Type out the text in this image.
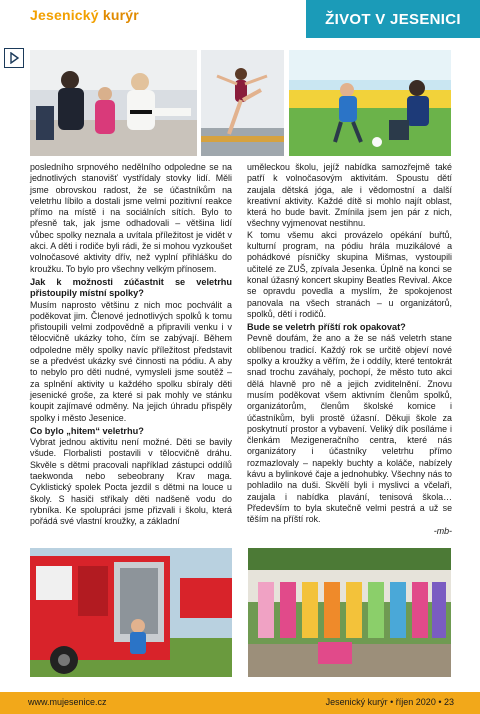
Jesenický kurýr	ŽIVOT V JESENICI

posledního srpnového nedělního odpoledne se na jednotlivých stanovišť vystřídaly stovky lidí. Měli jsme obrovskou radost, že se účastníkům na veletrhu líbilo a dostali jsme velmi pozitivní reakce přímo na místě i na sociálních sítích. Bylo to přesně tak, jak jsme odhadovali – většina lidí vůbec spolky neznala a uvítala příležitost je vidět v akci. A děti i rodiče byli rádi, že si mohou vyzkoušet volnočasové aktivity dřív, než vyplní přihlášku do kroužku. To bylo pro všechny velkým přínosem.

Jak k možnosti zúčastnit se veletrhu přistoupily místní spolky?

Musím naprosto většinu z nich moc pochválit a poděkovat jim. Členové jednotlivých spolků k tomu přistoupili velmi zodpovědně a připravili venku i v tělocvičně ukázky toho, čím se zabývají. Během odpoledne měly spolky navíc příležitost představit se a předvést ukázky své činnosti na pódiu. A aby to nebylo pro děti nudné, vymysleli jsme soutěž – za splnění aktivity u každého spolku sbíraly děti jesenické groše, za které si pak mohly ve stánku koupit zajímavé odměny. Na jejich úhradu přispěly spolky i město Jesenice.

Co bylo „hitem“ veletrhu?

Vybrat jednou aktivitu není možné. Děti se bavily všude. Florbalisti postavili v tělocvičně dráhu. Skvěle s dětmi pracovali například zástupci oddílů taekwonda nebo sebeobrany Krav maga. Cyklistický spolek Pocta jezdil s dětmi na louce u školy. S hasiči stříkaly děti nadšeně vodu do rybníka. Ke spolupráci jsme přizvali i školu, která pořádá své vlastní kroužky, a základní

uměleckou školu, jejíž nabídka samozřejmě také patří k volnočasovým aktivitám. Spoustu dětí zaujala dětská jóga, ale i vědomostní a další kreativní aktivity. Každé dítě si mohlo najít oblast, která ho bude bavit. Zmínila jsem jen pár z nich, všechny vyjmenovat nestihnu.

K tomu všemu akci provázelo opékání buřtů, kulturní program, na pódiu hrála muzikálové a pohádkové písničky skupina Mišmas, vystoupili učitelé ze ZUŠ, zpívala Jesenka. Úplně na konci se konal úžasný koncert skupiny Beatles Revival. Akce se opravdu povedla a myslím, že spokojenost panovala na všech stranách – u organizátorů, spolků, dětí i rodičů.

Bude se veletrh příští rok opakovat?

Pevně doufám, že ano a že se náš veletrh stane oblíbenou tradicí. Každý rok se určitě objeví nové spolky a kroužky a věřím, že i oddíly, které tentokrát snad trochu zaváhaly, pochopí, že město tuto akci dělá hlavně pro ně a jejich zviditelnění. Znovu musím poděkovat všem aktivním členům spolků, organizátorům, členům školské komice i účastníkům, byli prostě úžasní. Děkuji škole za poskytnutí prostor a vybavení. Veliký dík posíláme i členkám Mezigeneračního centra, které nás organizátory i účastníky veletrhu přímo rozmazlovaly – napekly buchty a koláče, nabízely kávu a bylinkové čaje a jednohubky. Všechny nás to pohladilo na duši. Skvělí byli i myslivci a včelaři, zaujala i nabídka plavání, tenisová škola… Především to byla skutečně velmi pestrá a už se těším na příští rok.

-mb-

www.mujesenice.cz	Jesenický kurýr • říjen 2020 • 23
